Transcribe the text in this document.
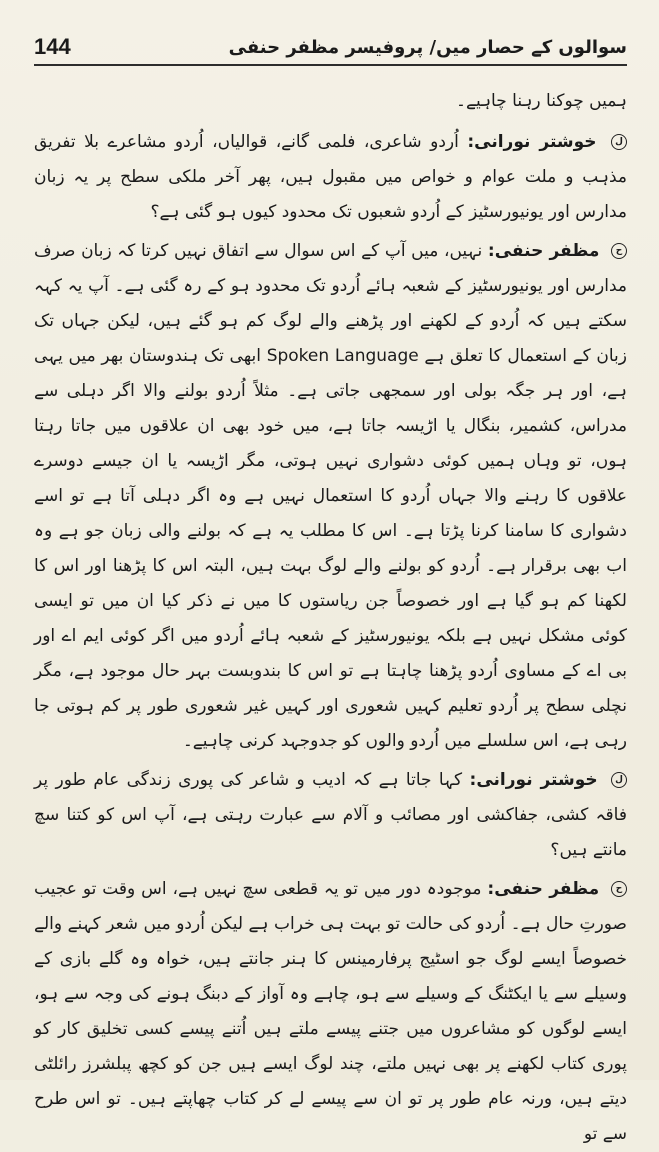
144	سوالوں کے حصار میں/ پروفیسر مظفر حنفی

ہمیں چوکنا رہنا چاہیے۔

ل خوشتر نورانی: اُردو شاعری، فلمی گانے، قوالیاں، اُردو مشاعرے بلا تفریق مذہب و ملت عوام و خواص میں مقبول ہیں، پھر آخر ملکی سطح پر یہ زبان مدارس اور یونیورسٹیز کے اُردو شعبوں تک محدود کیوں ہو گئی ہے؟

ح مظفر حنفی: نہیں، میں آپ کے اس سوال سے اتفاق نہیں کرتا کہ زبان صرف مدارس اور یونیورسٹیز کے شعبہ ہائے اُردو تک محدود ہو کے رہ گئی ہے۔ آپ یہ کہہ سکتے ہیں کہ اُردو کے لکھنے اور پڑھنے والے لوگ کم ہو گئے ہیں، لیکن جہاں تک زبان کے استعمال کا تعلق ہے Spoken Language ابھی تک ہندوستان بھر میں یہی ہے، اور ہر جگہ بولی اور سمجھی جاتی ہے۔ مثلاً اُردو بولنے والا اگر دہلی سے مدراس، کشمیر، بنگال یا اڑیسہ جاتا ہے، میں خود بھی ان علاقوں میں جاتا رہتا ہوں، تو وہاں ہمیں کوئی دشواری نہیں ہوتی، مگر اڑیسہ یا ان جیسے دوسرے علاقوں کا رہنے والا جہاں اُردو کا استعمال نہیں ہے وہ اگر دہلی آتا ہے تو اسے دشواری کا سامنا کرنا پڑتا ہے۔ اس کا مطلب یہ ہے کہ بولنے والی زبان جو ہے وہ اب بھی برقرار ہے۔ اُردو کو بولنے والے لوگ بہت ہیں، البتہ اس کا پڑھنا اور اس کا لکھنا کم ہو گیا ہے اور خصوصاً جن ریاستوں کا میں نے ذکر کیا ان میں تو ایسی کوئی مشکل نہیں ہے بلکہ یونیورسٹیز کے شعبہ ہائے اُردو میں اگر کوئی ایم اے اور بی اے کے مساوی اُردو پڑھنا چاہتا ہے تو اس کا بندوبست بہر حال موجود ہے، مگر نچلی سطح پر اُردو تعلیم کہیں شعوری اور کہیں غیر شعوری طور پر کم ہوتی جا رہی ہے، اس سلسلے میں اُردو والوں کو جدوجہد کرنی چاہیے۔

ل خوشتر نورانی: کہا جاتا ہے کہ ادیب و شاعر کی پوری زندگی عام طور پر فاقہ کشی، جفاکشی اور مصائب و آلام سے عبارت رہتی ہے، آپ اس کو کتنا سچ مانتے ہیں؟

ح مظفر حنفی: موجودہ دور میں تو یہ قطعی سچ نہیں ہے، اس وقت تو عجیب صورتِ حال ہے۔ اُردو کی حالت تو بہت ہی خراب ہے لیکن اُردو میں شعر کہنے والے خصوصاً ایسے لوگ جو اسٹیج پرفارمینس کا ہنر جانتے ہیں، خواہ وہ گلے بازی کے وسیلے سے یا ایکٹنگ کے وسیلے سے ہو، چاہے وہ آواز کے دبنگ ہونے کی وجہ سے ہو، ایسے لوگوں کو مشاعروں میں جتنے پیسے ملتے ہیں اُتنے پیسے کسی تخلیق کار کو پوری کتاب لکھنے پر بھی نہیں ملتے، چند لوگ ایسے ہیں جن کو کچھ پبلشرز رائلٹی دیتے ہیں، ورنہ عام طور پر تو ان سے پیسے لے کر کتاب چھاپتے ہیں۔ تو اس طرح سے تو
